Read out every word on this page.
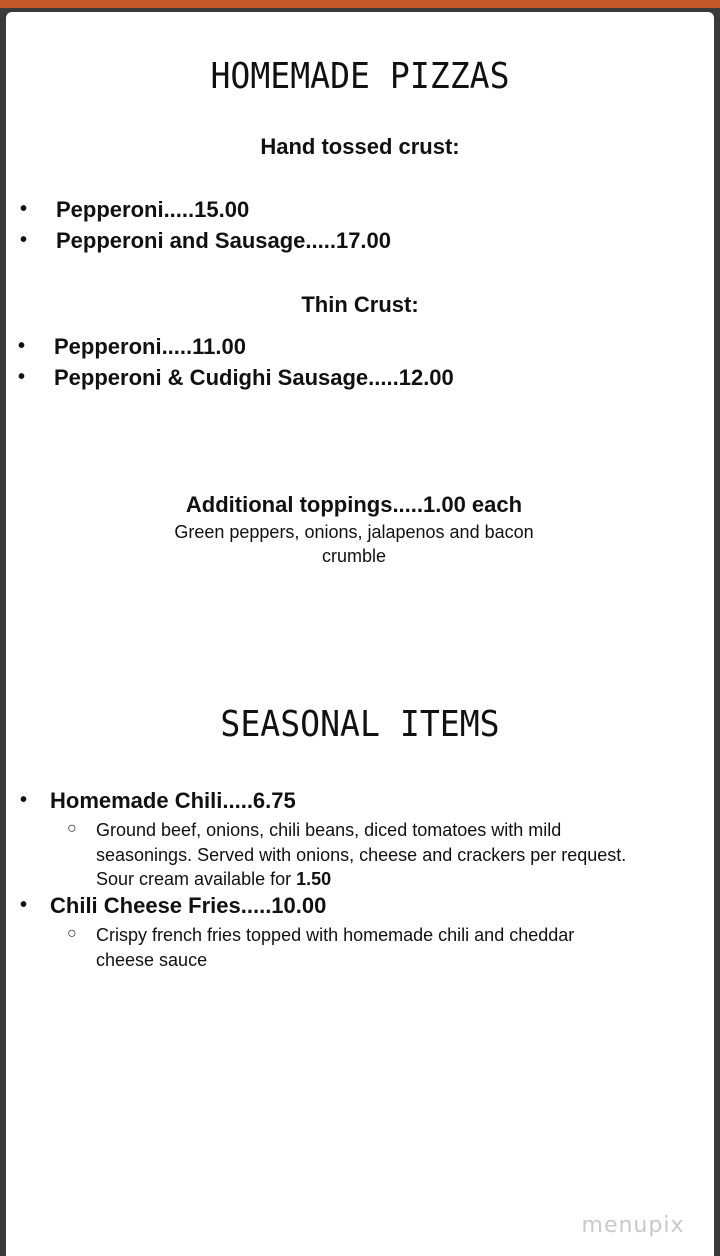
HOMEMADE PIZZAS
Hand tossed crust:
• Pepperoni.....15.00
• Pepperoni and Sausage.....17.00
Thin Crust:
• Pepperoni.....11.00
• Pepperoni & Cudighi Sausage.....12.00
Additional toppings.....1.00 each
Green peppers, onions, jalapenos and bacon
crumble
SEASONAL ITEMS
• Homemade Chili.....6.75
○ Ground beef, onions, chili beans, diced tomatoes with mild
seasonings. Served with onions, cheese and crackers per request.
Sour cream available for 1.50
• Chili Cheese Fries.....10.00
○ Crispy french fries topped with homemade chili and cheddar
cheese sauce
menupix
